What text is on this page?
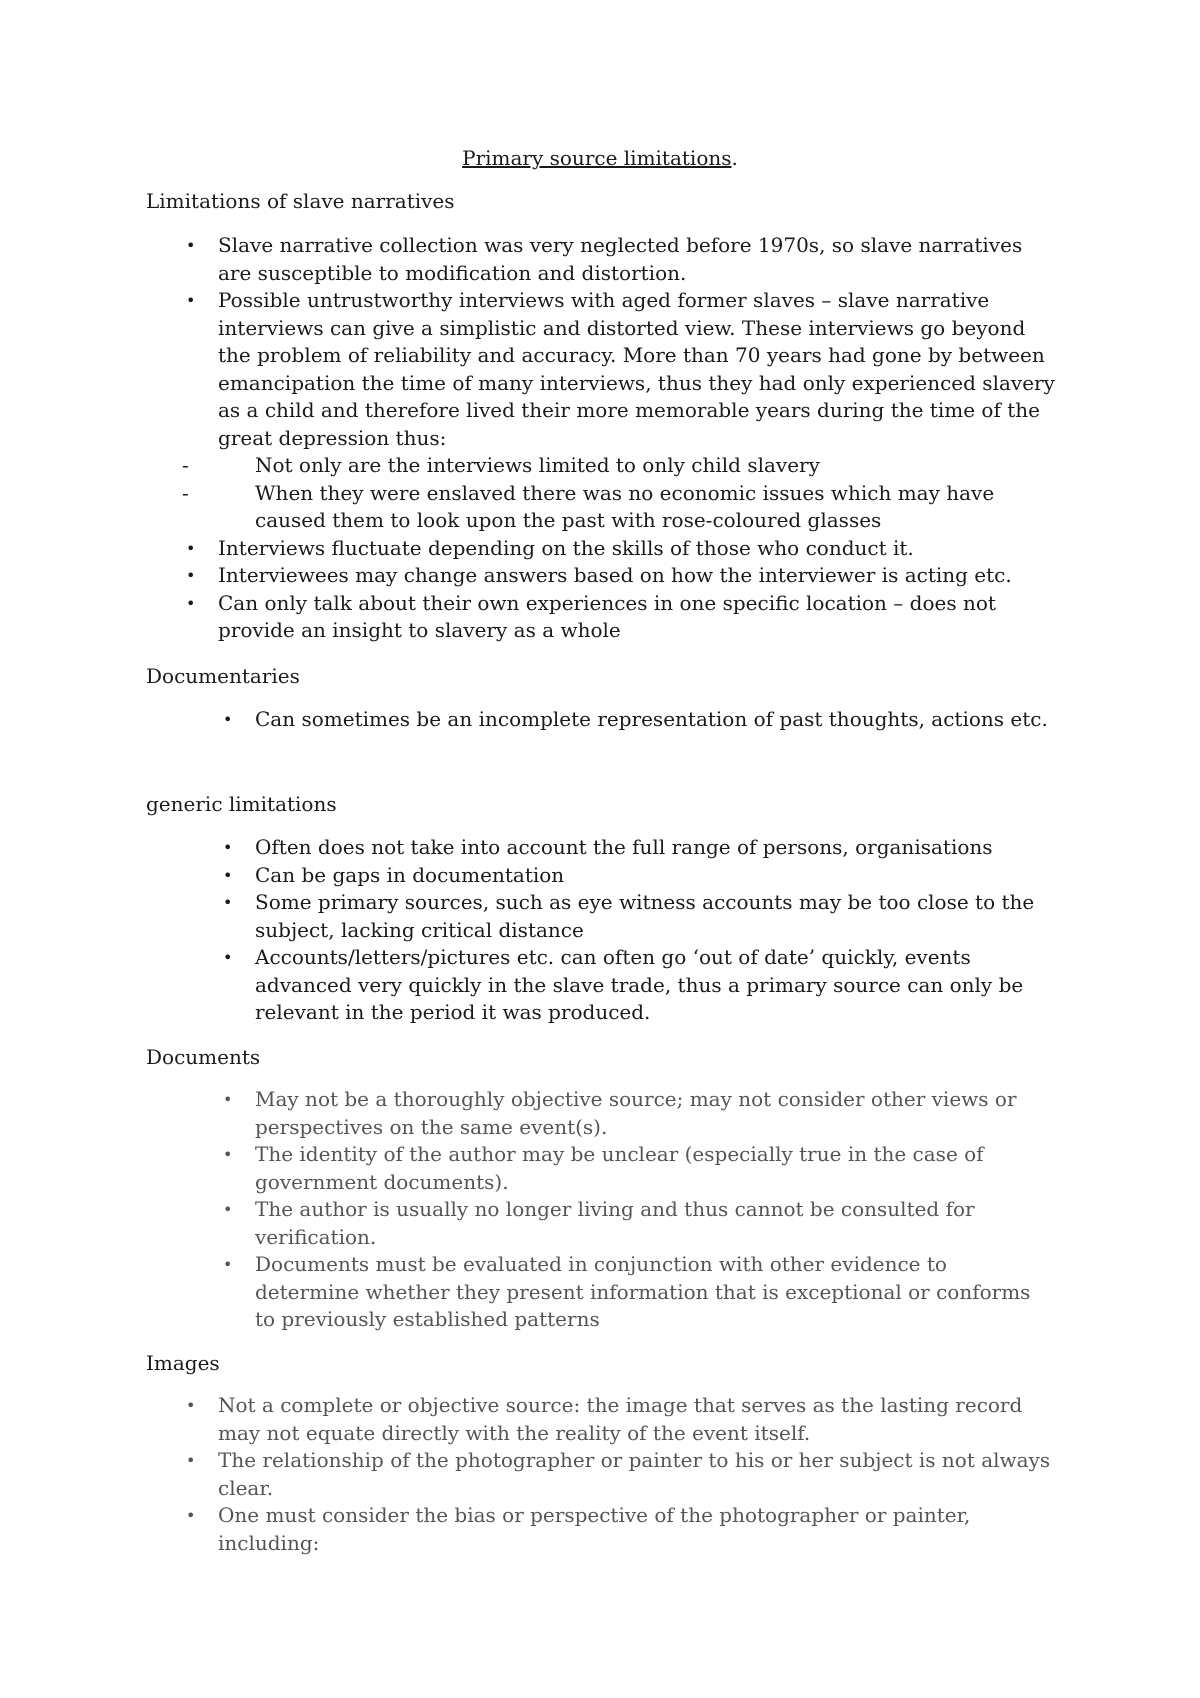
Primary source limitations.
Limitations of slave narratives
• Slave narrative collection was very neglected before 1970s, so slave narratives are susceptible to modification and distortion.
• Possible untrustworthy interviews with aged former slaves – slave narrative interviews can give a simplistic and distorted view. These interviews go beyond the problem of reliability and accuracy. More than 70 years had gone by between emancipation the time of many interviews, thus they had only experienced slavery as a child and therefore lived their more memorable years during the time of the great depression thus:
-	Not only are the interviews limited to only child slavery
-	When they were enslaved there was no economic issues which may have caused them to look upon the past with rose-coloured glasses
• Interviews fluctuate depending on the skills of those who conduct it.
• Interviewees may change answers based on how the interviewer is acting etc.
• Can only talk about their own experiences in one specific location – does not provide an insight to slavery as a whole
Documentaries
• Can sometimes be an incomplete representation of past thoughts, actions etc.
generic limitations
• Often does not take into account the full range of persons, organisations
• Can be gaps in documentation
• Some primary sources, such as eye witness accounts may be too close to the subject, lacking critical distance
• Accounts/letters/pictures etc. can often go ‘out of date’ quickly, events advanced very quickly in the slave trade, thus a primary source can only be relevant in the period it was produced.
Documents
• May not be a thoroughly objective source; may not consider other views or perspectives on the same event(s).
• The identity of the author may be unclear (especially true in the case of government documents).
• The author is usually no longer living and thus cannot be consulted for verification.
• Documents must be evaluated in conjunction with other evidence to determine whether they present information that is exceptional or conforms to previously established patterns
Images
• Not a complete or objective source: the image that serves as the lasting record may not equate directly with the reality of the event itself.
• The relationship of the photographer or painter to his or her subject is not always clear.
• One must consider the bias or perspective of the photographer or painter, including:
